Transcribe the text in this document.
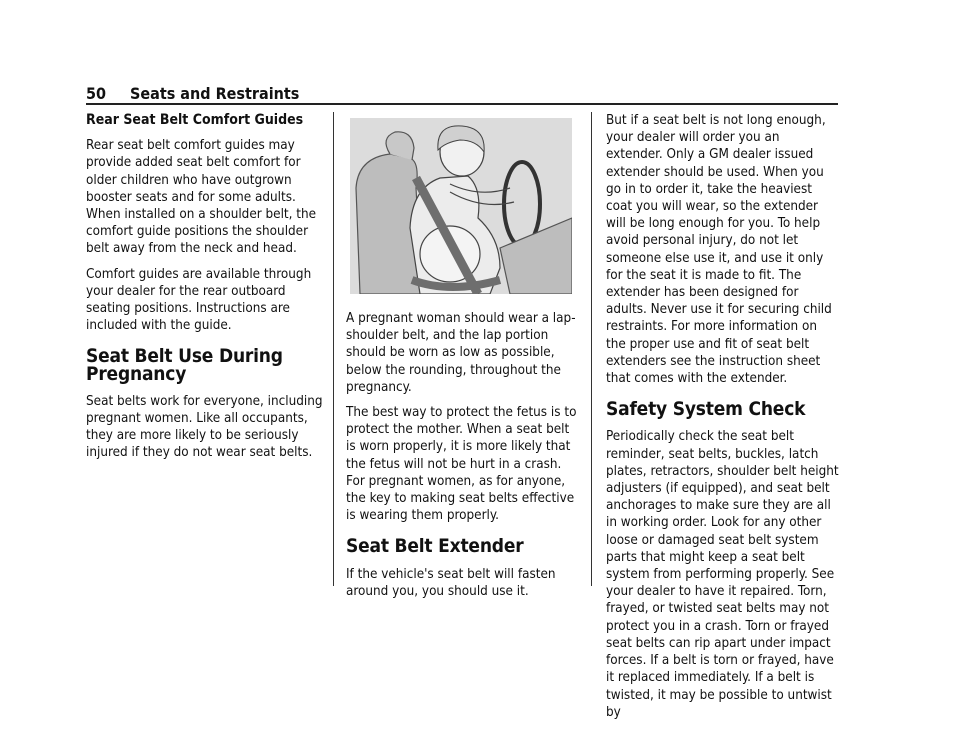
50 Seats and Restraints
Rear Seat Belt Comfort Guides

Rear seat belt comfort guides may provide added seat belt comfort for older children who have outgrown booster seats and for some adults. When installed on a shoulder belt, the comfort guide positions the shoulder belt away from the neck and head.

Comfort guides are available through your dealer for the rear outboard seating positions. Instructions are included with the guide.

Seat Belt Use During Pregnancy

Seat belts work for everyone, including pregnant women. Like all occupants, they are more likely to be seriously injured if they do not wear seat belts.

A pregnant woman should wear a lap-shoulder belt, and the lap portion should be worn as low as possible, below the rounding, throughout the pregnancy.

The best way to protect the fetus is to protect the mother. When a seat belt is worn properly, it is more likely that the fetus will not be hurt in a crash. For pregnant women, as for anyone, the key to making seat belts effective is wearing them properly.

Seat Belt Extender

If the vehicle's seat belt will fasten around you, you should use it.

But if a seat belt is not long enough, your dealer will order you an extender. Only a GM dealer issued extender should be used. When you go in to order it, take the heaviest coat you will wear, so the extender will be long enough for you. To help avoid personal injury, do not let someone else use it, and use it only for the seat it is made to fit. The extender has been designed for adults. Never use it for securing child restraints. For more information on the proper use and fit of seat belt extenders see the instruction sheet that comes with the extender.

Safety System Check

Periodically check the seat belt reminder, seat belts, buckles, latch plates, retractors, shoulder belt height adjusters (if equipped), and seat belt anchorages to make sure they are all in working order. Look for any other loose or damaged seat belt system parts that might keep a seat belt system from performing properly. See your dealer to have it repaired. Torn, frayed, or twisted seat belts may not protect you in a crash. Torn or frayed seat belts can rip apart under impact forces. If a belt is torn or frayed, have it replaced immediately. If a belt is twisted, it may be possible to untwist by
